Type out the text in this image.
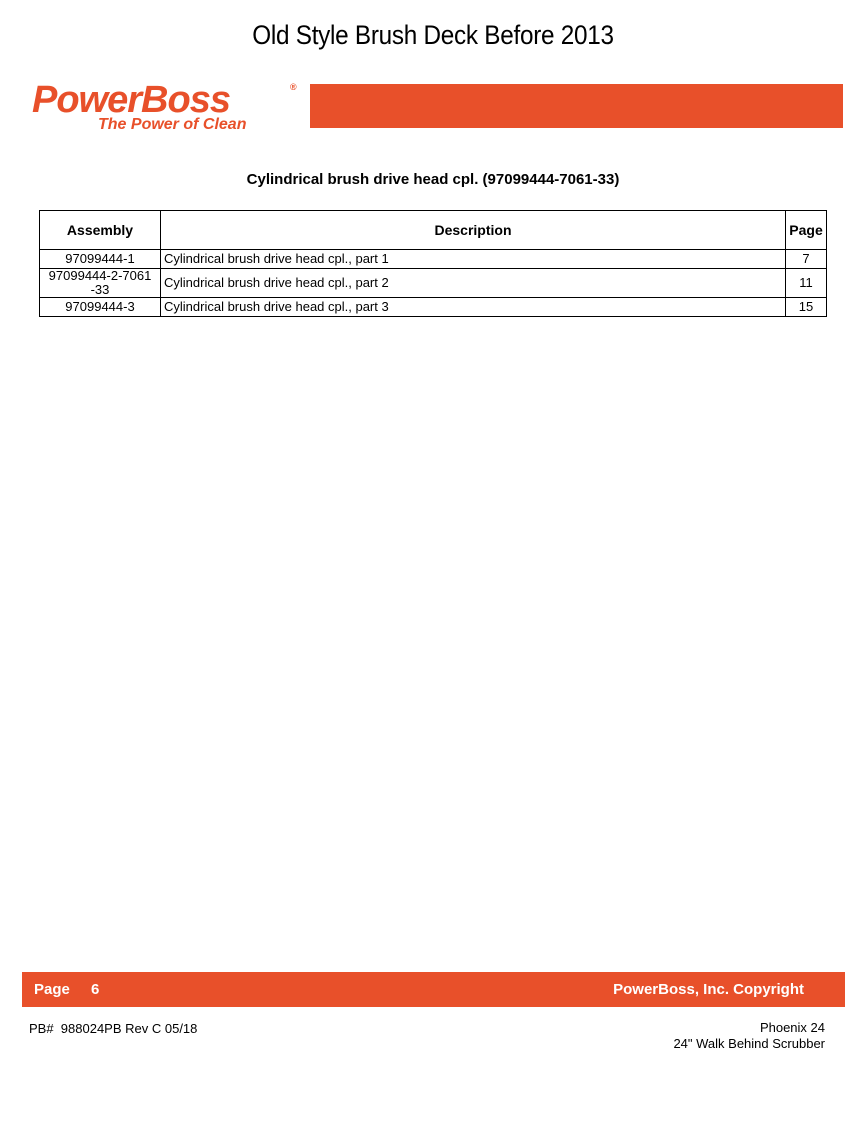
Old Style Brush Deck Before 2013
PowerBoss	®
The Power of Clean
Cylindrical brush drive head cpl. (97099444-7061-33)
Assembly	Description	Page
97099444-1	Cylindrical brush drive head cpl., part 1	7
97099444-2-7061
-33	Cylindrical brush drive head cpl., part 2	11
97099444-3	Cylindrical brush drive head cpl., part 3	15
Page 6	PowerBoss, Inc. Copyright
PB#  988024PB Rev C 05/18	Phoenix 24
24" Walk Behind Scrubber
